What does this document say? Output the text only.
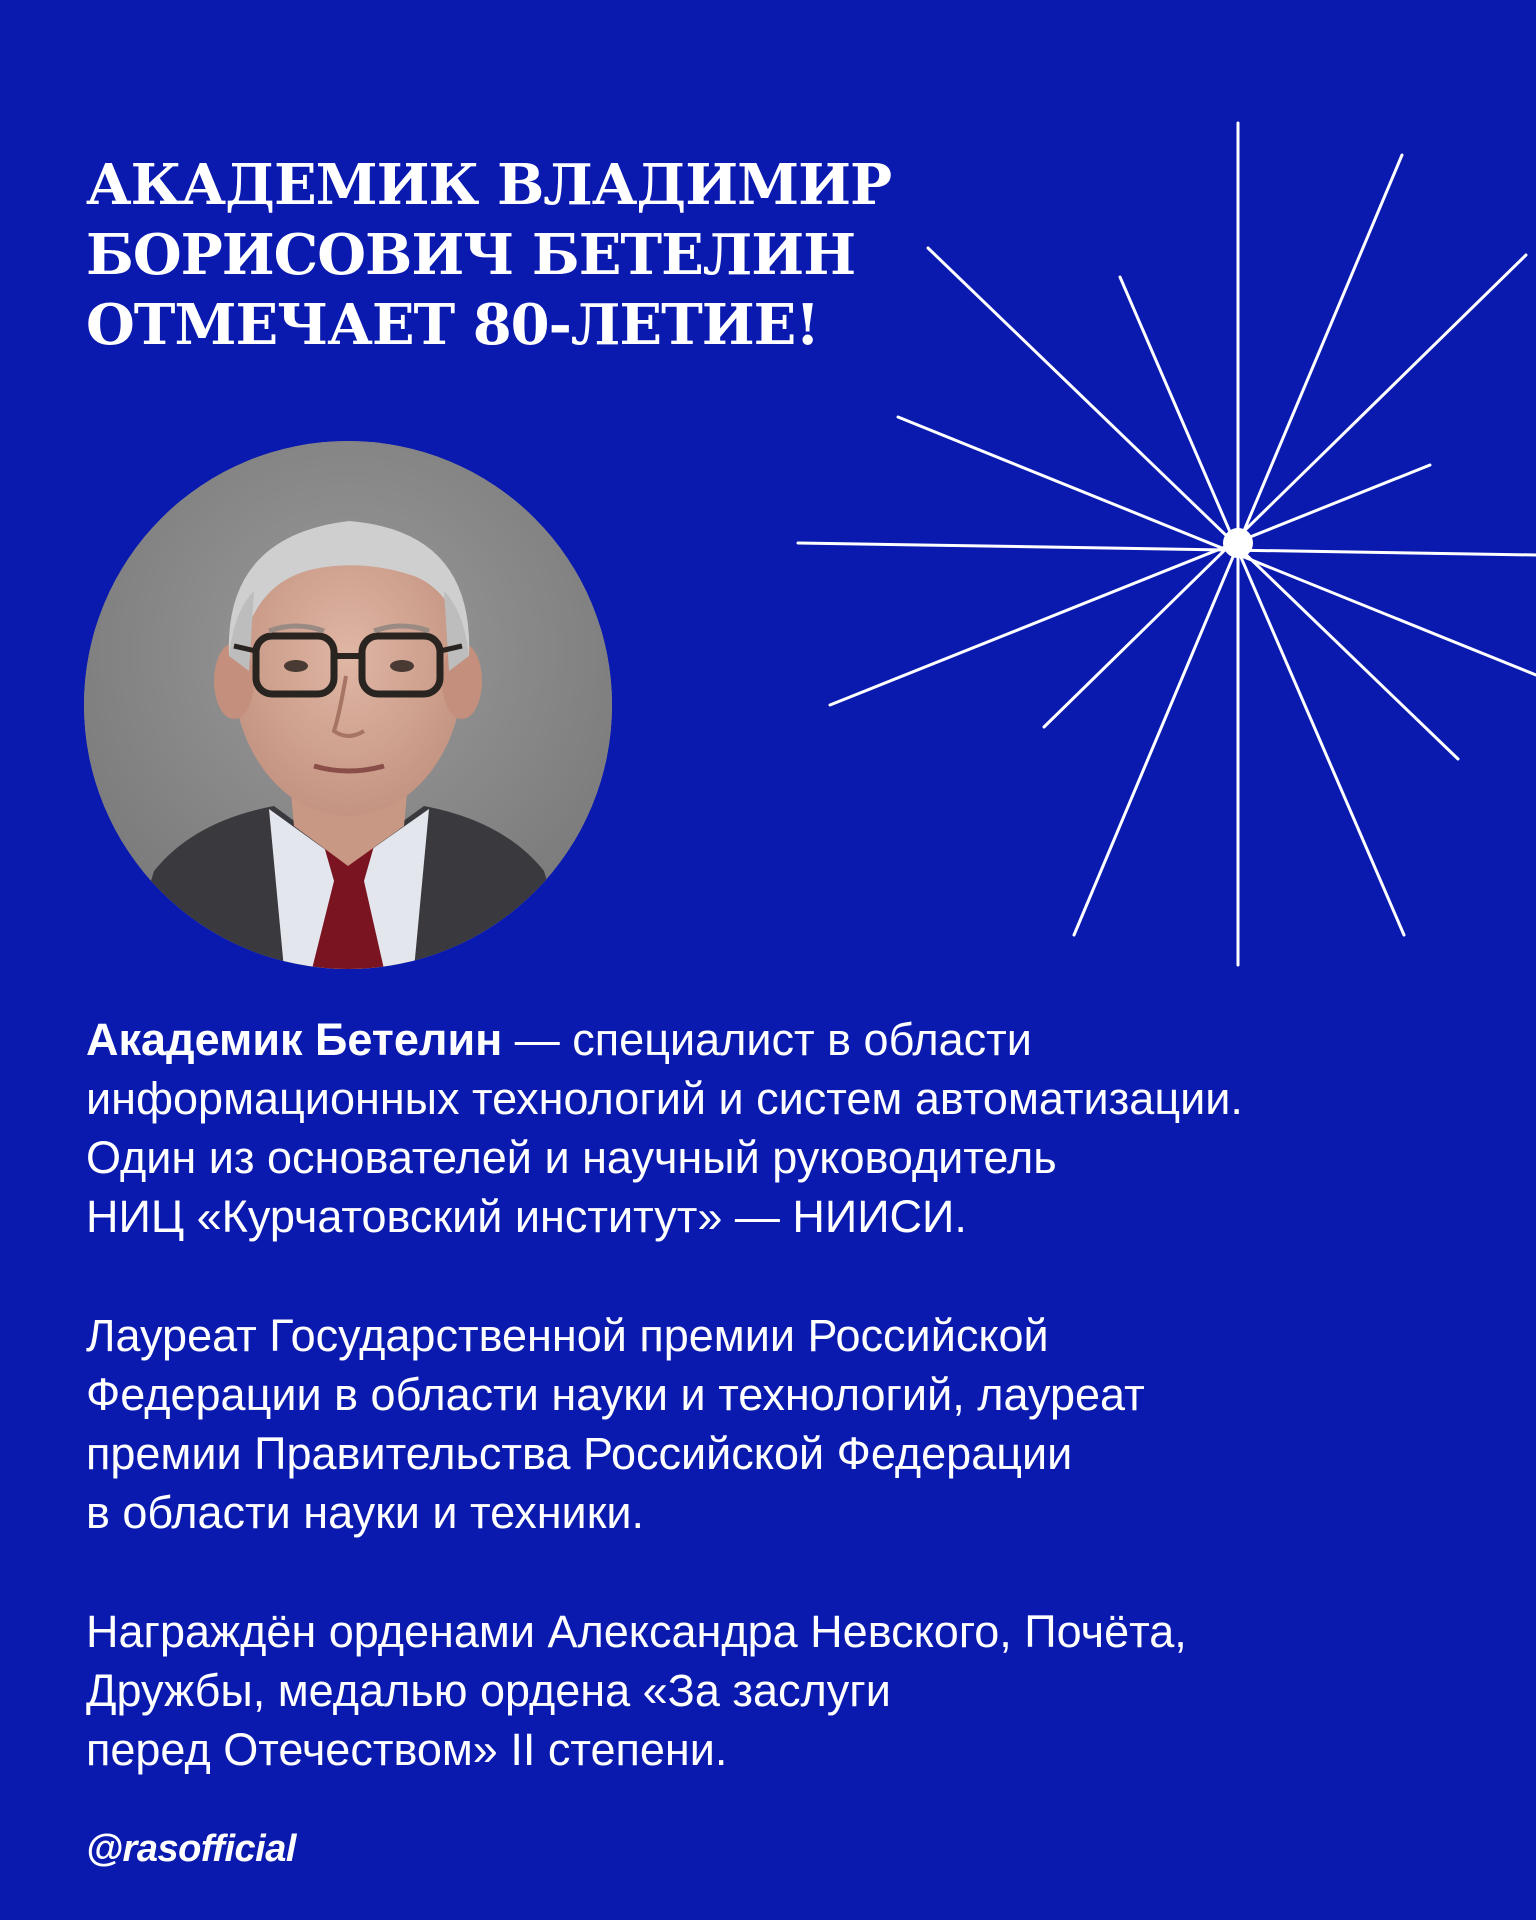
АКАДЕМИК ВЛАДИМИР
БОРИСОВИЧ БЕТЕЛИН
ОТМЕЧАЕТ 80-ЛЕТИЕ!

Академик Бетелин — специалист в области
информационных технологий и систем автоматизации.
Один из основателей и научный руководитель
НИЦ «Курчатовский институт» — НИИСИ.

Лауреат Государственной премии Российской
Федерации в области науки и технологий, лауреат
премии Правительства Российской Федерации
в области науки и техники.

Награждён орденами Александра Невского, Почёта,
Дружбы, медалью ордена «За заслуги
перед Отечеством» II степени.

@rasofficial
